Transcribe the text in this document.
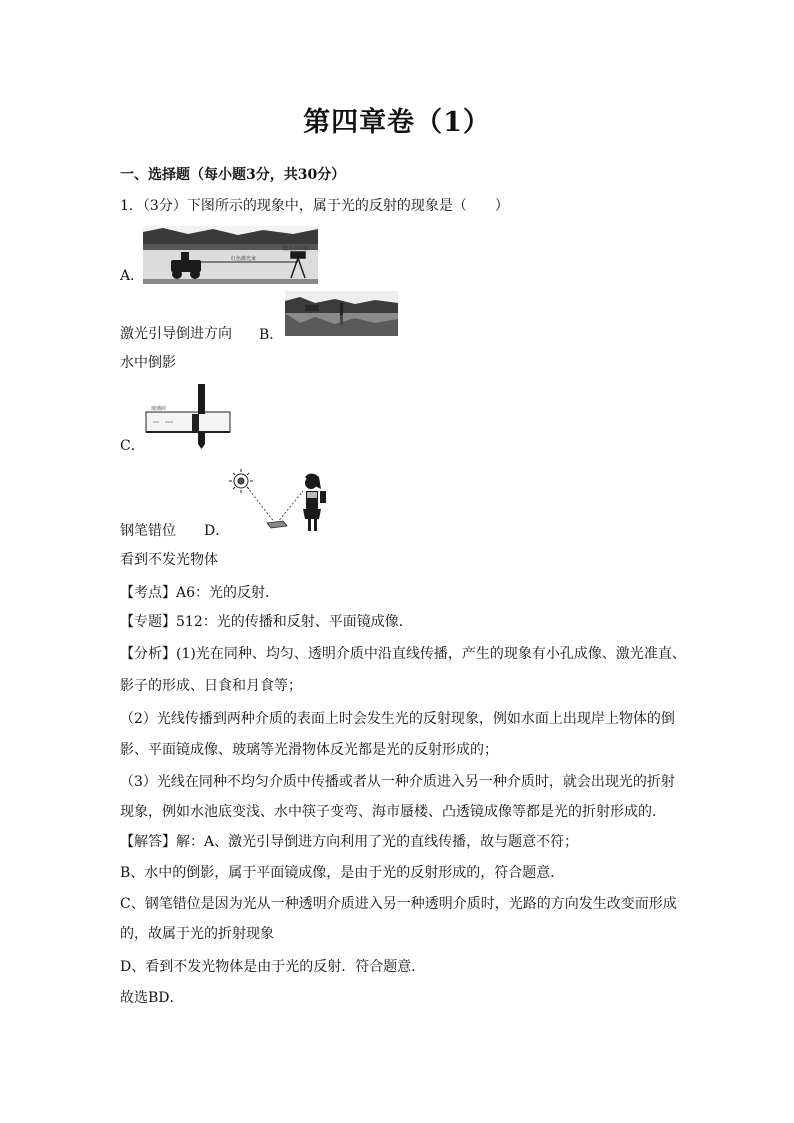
第四章卷（1）
一、选择题（每小题3分，共30分）
1．（3分）下图所示的现象中，属于光的反射的现象是（　　）
红色激光束
激光指示器
A．
激光引导倒进方向 B．
水中倒影
玻璃砖
C．
钢笔错位 D．
看到不发光物体
【考点】A6：光的反射．
【专题】512：光的传播和反射、平面镜成像．
【分析】(1)光在同种、均匀、透明介质中沿直线传播，产生的现象有小孔成像、激光准直、
影子的形成、日食和月食等；
（2）光线传播到两种介质的表面上时会发生光的反射现象，例如水面上出现岸上物体的倒
影、平面镜成像、玻璃等光滑物体反光都是光的反射形成的；
（3）光线在同种不均匀介质中传播或者从一种介质进入另一种介质时，就会出现光的折射
现象，例如水池底变浅、水中筷子变弯、海市蜃楼、凸透镜成像等都是光的折射形成的．
【解答】解：A、激光引导倒进方向利用了光的直线传播，故与题意不符；
B、水中的倒影，属于平面镜成像，是由于光的反射形成的，符合题意．
C、钢笔错位是因为光从一种透明介质进入另一种透明介质时，光路的方向发生改变而形成
的，故属于光的折射现象
D、看到不发光物体是由于光的反射．符合题意．
故选BD．
